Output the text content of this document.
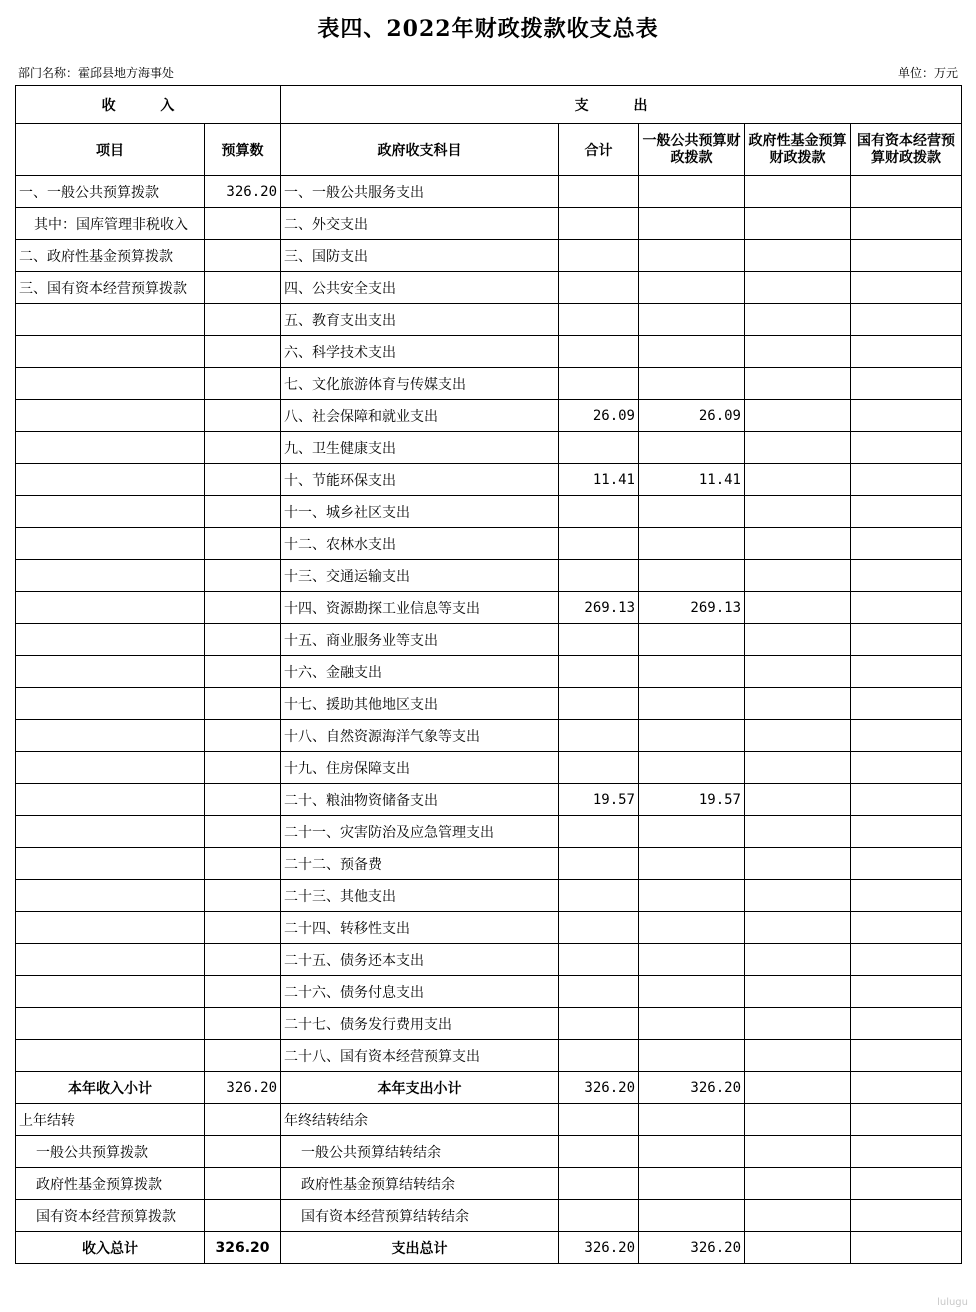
表四、2022年财政拨款收支总表
部门名称：霍邱县地方海事处	单位：万元
收 入		支 出				
项目	预算数	政府收支科目	合计	一般公共预算财政拨款	政府性基金预算财政拨款	国有资本经营预算财政拨款
一、一般公共预算拨款	326.20	一、一般公共服务支出				
其中：国库管理非税收入		二、外交支出				
二、政府性基金预算拨款		三、国防支出				
三、国有资本经营预算拨款		四、公共安全支出				
		五、教育支出支出				
		六、科学技术支出				
		七、文化旅游体育与传媒支出				
		八、社会保障和就业支出	26.09	26.09		
		九、卫生健康支出				
		十、节能环保支出	11.41	11.41		
		十一、城乡社区支出				
		十二、农林水支出				
		十三、交通运输支出				
		十四、资源勘探工业信息等支出	269.13	269.13		
		十五、商业服务业等支出				
		十六、金融支出				
		十七、援助其他地区支出				
		十八、自然资源海洋气象等支出				
		十九、住房保障支出				
		二十、粮油物资储备支出	19.57	19.57		
		二十一、灾害防治及应急管理支出				
		二十二、预备费				
		二十三、其他支出				
		二十四、转移性支出				
		二十五、债务还本支出				
		二十六、债务付息支出				
		二十七、债务发行费用支出				
		二十八、国有资本经营预算支出				
本年收入小计	326.20	本年支出小计	326.20	326.20		
上年结转		年终结转结余				
一般公共预算拨款		一般公共预算结转结余				
政府性基金预算拨款		政府性基金预算结转结余				
国有资本经营预算拨款		国有资本经营预算结转结余				
收入总计	326.20	支出总计	326.20	326.20		
lulugu
